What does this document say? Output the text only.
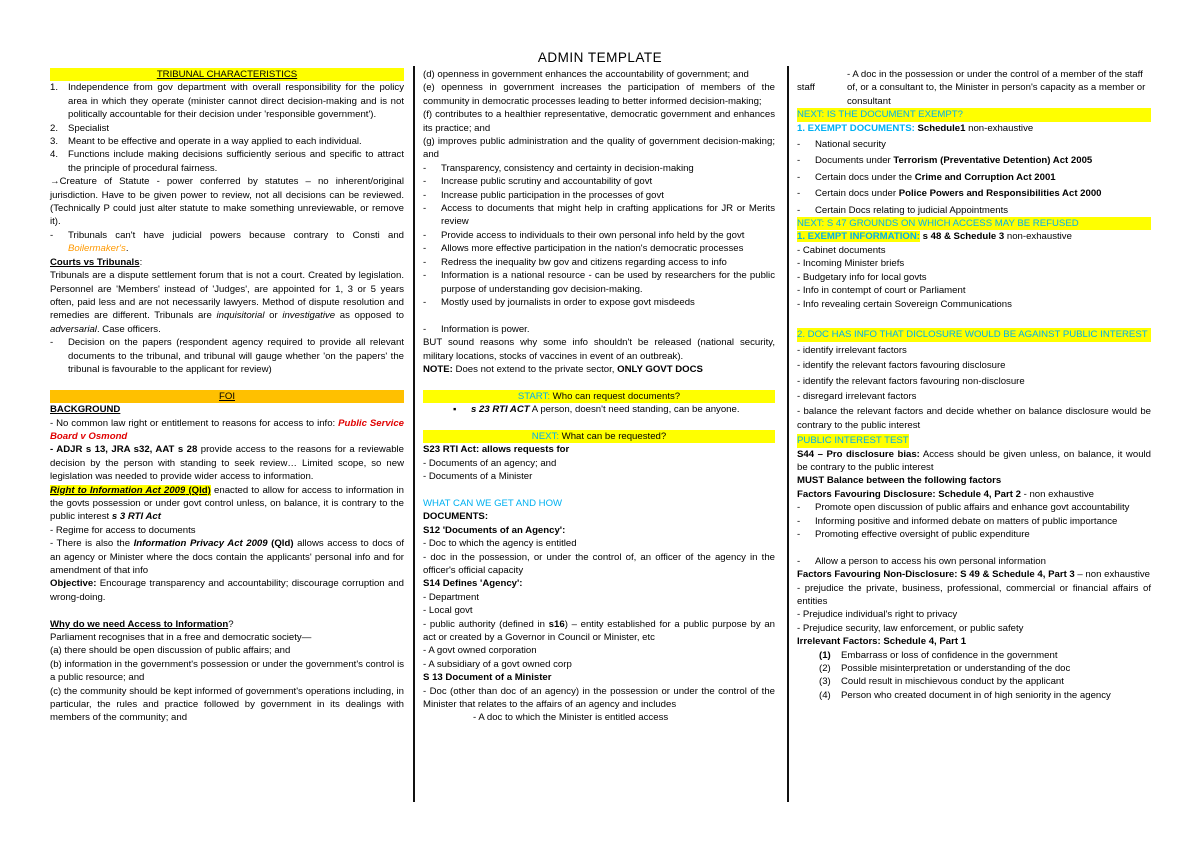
ADMIN TEMPLATE

TRIBUNAL CHARACTERISTICS

1.	Independence from gov department with overall responsibility for the policy area in which they operate (minister cannot direct decision-making and is not politically accountable for their decision under 'responsible government').
2.	Specialist
3.	Meant to be effective and operate in a way applied to each individual.
4.	Functions include making decisions sufficiently serious and specific to attract the principle of procedural fairness.

→Creature of Statute - power conferred by statutes – no inherent/original jurisdiction. Have to be given power to review, not all decisions can be reviewed. (Technically P could just alter statute to make something unreviewable, or remove it).

-	Tribunals can't have judicial powers because contrary to Consti and Boilermaker's.

Courts vs Tribunals:

Tribunals are a dispute settlement forum that is not a court. Created by legislation. Personnel are 'Members' instead of 'Judges', are appointed for 1, 3 or 5 years often, paid less and are not necessarily lawyers. Method of dispute resolution and remedies are different. Tribunals are inquisitorial or investigative as opposed to adversarial. Case officers.

-	Decision on the papers (respondent agency required to provide all relevant documents to the tribunal, and tribunal will gauge whether 'on the papers' the tribunal is favourable to the applicant for review)

FOI

BACKGROUND

- No common law right or entitlement to reasons for access to info: Public Service Board v Osmond

- ADJR s 13, JRA s32, AAT s 28 provide access to the reasons for a reviewable decision by the person with standing to seek review… Limited scope, so new legislation was needed to provide wider access to information.

Right to Information Act 2009 (Qld) enacted to allow for access to information in the govts possession or under govt control unless, on balance, it is contrary to the public interest s 3 RTI Act

- Regime for access to documents

- There is also the Information Privacy Act 2009 (Qld) allows access to docs of an agency or Minister where the docs contain the applicants' personal info and for amendment of that info

Objective: Encourage transparency and accountability; discourage corruption and wrong-doing.

Why do we need Access to Information?

Parliament recognises that in a free and democratic society—

(a) there should be open discussion of public affairs; and

(b) information in the government's possession or under the government's control is a public resource; and

(c) the community should be kept informed of government's operations including, in particular, the rules and practice followed by government in its dealings with members of the community; and

(d) openness in government enhances the accountability of government; and

(e) openness in government increases the participation of members of the community in democratic processes leading to better informed decision-making;

(f) contributes to a healthier representative, democratic government and enhances its practice; and

(g) improves public administration and the quality of government decision-making; and

-	Transparency, consistency and certainty in decision-making
-	Increase public scrutiny and accountability of govt
-	Increase public participation in the processes of govt
-	Access to documents that might help in crafting applications for JR or Merits review
-	Provide access to individuals to their own personal info held by the govt
-	Allows more effective participation in the nation's democratic processes
-	Redress the inequality bw gov and citizens regarding access to info
-	Information is a national resource - can be used by researchers for the public purpose of understanding gov decision-making.
-	Mostly used by journalists in order to expose govt misdeeds
-	Information is power.

BUT sound reasons why some info shouldn't be released (national security, military locations, stocks of vaccines in event of an outbreak).

NOTE: Does not extend to the private sector, ONLY GOVT DOCS

START: Who can request documents?

▪	s 23 RTI ACT A person, doesn't need standing, can be anyone.

NEXT: What can be requested?

S23 RTI Act: allows requests for

- Documents of an agency; and

- Documents of a Minister

WHAT CAN WE GET AND HOW

DOCUMENTS:

S12 'Documents of an Agency':

- Doc to which the agency is entitled

- doc in the possession, or under the control of, an officer of the agency in the officer's official capacity

S14 Defines 'Agency':

- Department

- Local govt

- public authority (defined in s16) – entity established for a public purpose by an act or created by a Governor in Council or Minister, etc

- A govt owned corporation

- A subsidiary of a govt owned corp

S 13 Document of a Minister

- Doc (other than doc of an agency) in the possession or under the control of the Minister that relates to the affairs of an agency and includes

- A doc to which the Minister is entitled access

staff
- A doc in the possession or under the control of a member of the staff of, or a consultant to, the Minister in person's capacity as a member or consultant

NEXT: IS THE DOCUMENT EXEMPT?

1. EXEMPT DOCUMENTS: Schedule1 non-exhaustive

-	National security
-	Documents under Terrorism (Preventative Detention) Act 2005
-	Certain docs under the Crime and Corruption Act 2001
-	Certain docs under Police Powers and Responsibilities Act 2000
-	Certain Docs relating to judicial Appointments

NEXT: S 47 GROUNDS ON WHICH ACCESS MAY BE REFUSED

1. EXEMPT INFORMATION: s 48 & Schedule 3 non-exhaustive

- Cabinet documents

- Incoming Minister briefs

- Budgetary info for local govts

- Info in contempt of court or Parliament

- Info revealing certain Sovereign Communications

2. DOC HAS INFO THAT DICLOSURE WOULD BE AGAINST PUBLIC INTEREST

- identify irrelevant factors

- identify the relevant factors favouring disclosure

- identify the relevant factors favouring non-disclosure

- disregard irrelevant factors

- balance the relevant factors and decide whether on balance disclosure would be contrary to the public interest

PUBLIC INTEREST TEST

S44 – Pro disclosure bias: Access should be given unless, on balance, it would be contrary to the public interest

MUST Balance between the following factors

Factors Favouring Disclosure: Schedule 4, Part 2 - non exhaustive

-	Promote open discussion of public affairs and enhance govt accountability
-	Informing positive and informed debate on matters of public importance
-	Promoting effective oversight of public expenditure
-	Allow a person to access his own personal information

Factors Favouring Non-Disclosure: S 49 & Schedule 4, Part 3 – non exhaustive

- prejudice the private, business, professional, commercial or financial affairs of entities

- Prejudice individual's right to privacy

- Prejudice security, law enforcement, or public safety

Irrelevant Factors: Schedule 4, Part 1

(1)	Embarrass or loss of confidence in the government
(2)	Possible misinterpretation or understanding of the doc
(3)	Could result in mischievous conduct by the applicant
(4)	Person who created document in of high seniority in the agency
